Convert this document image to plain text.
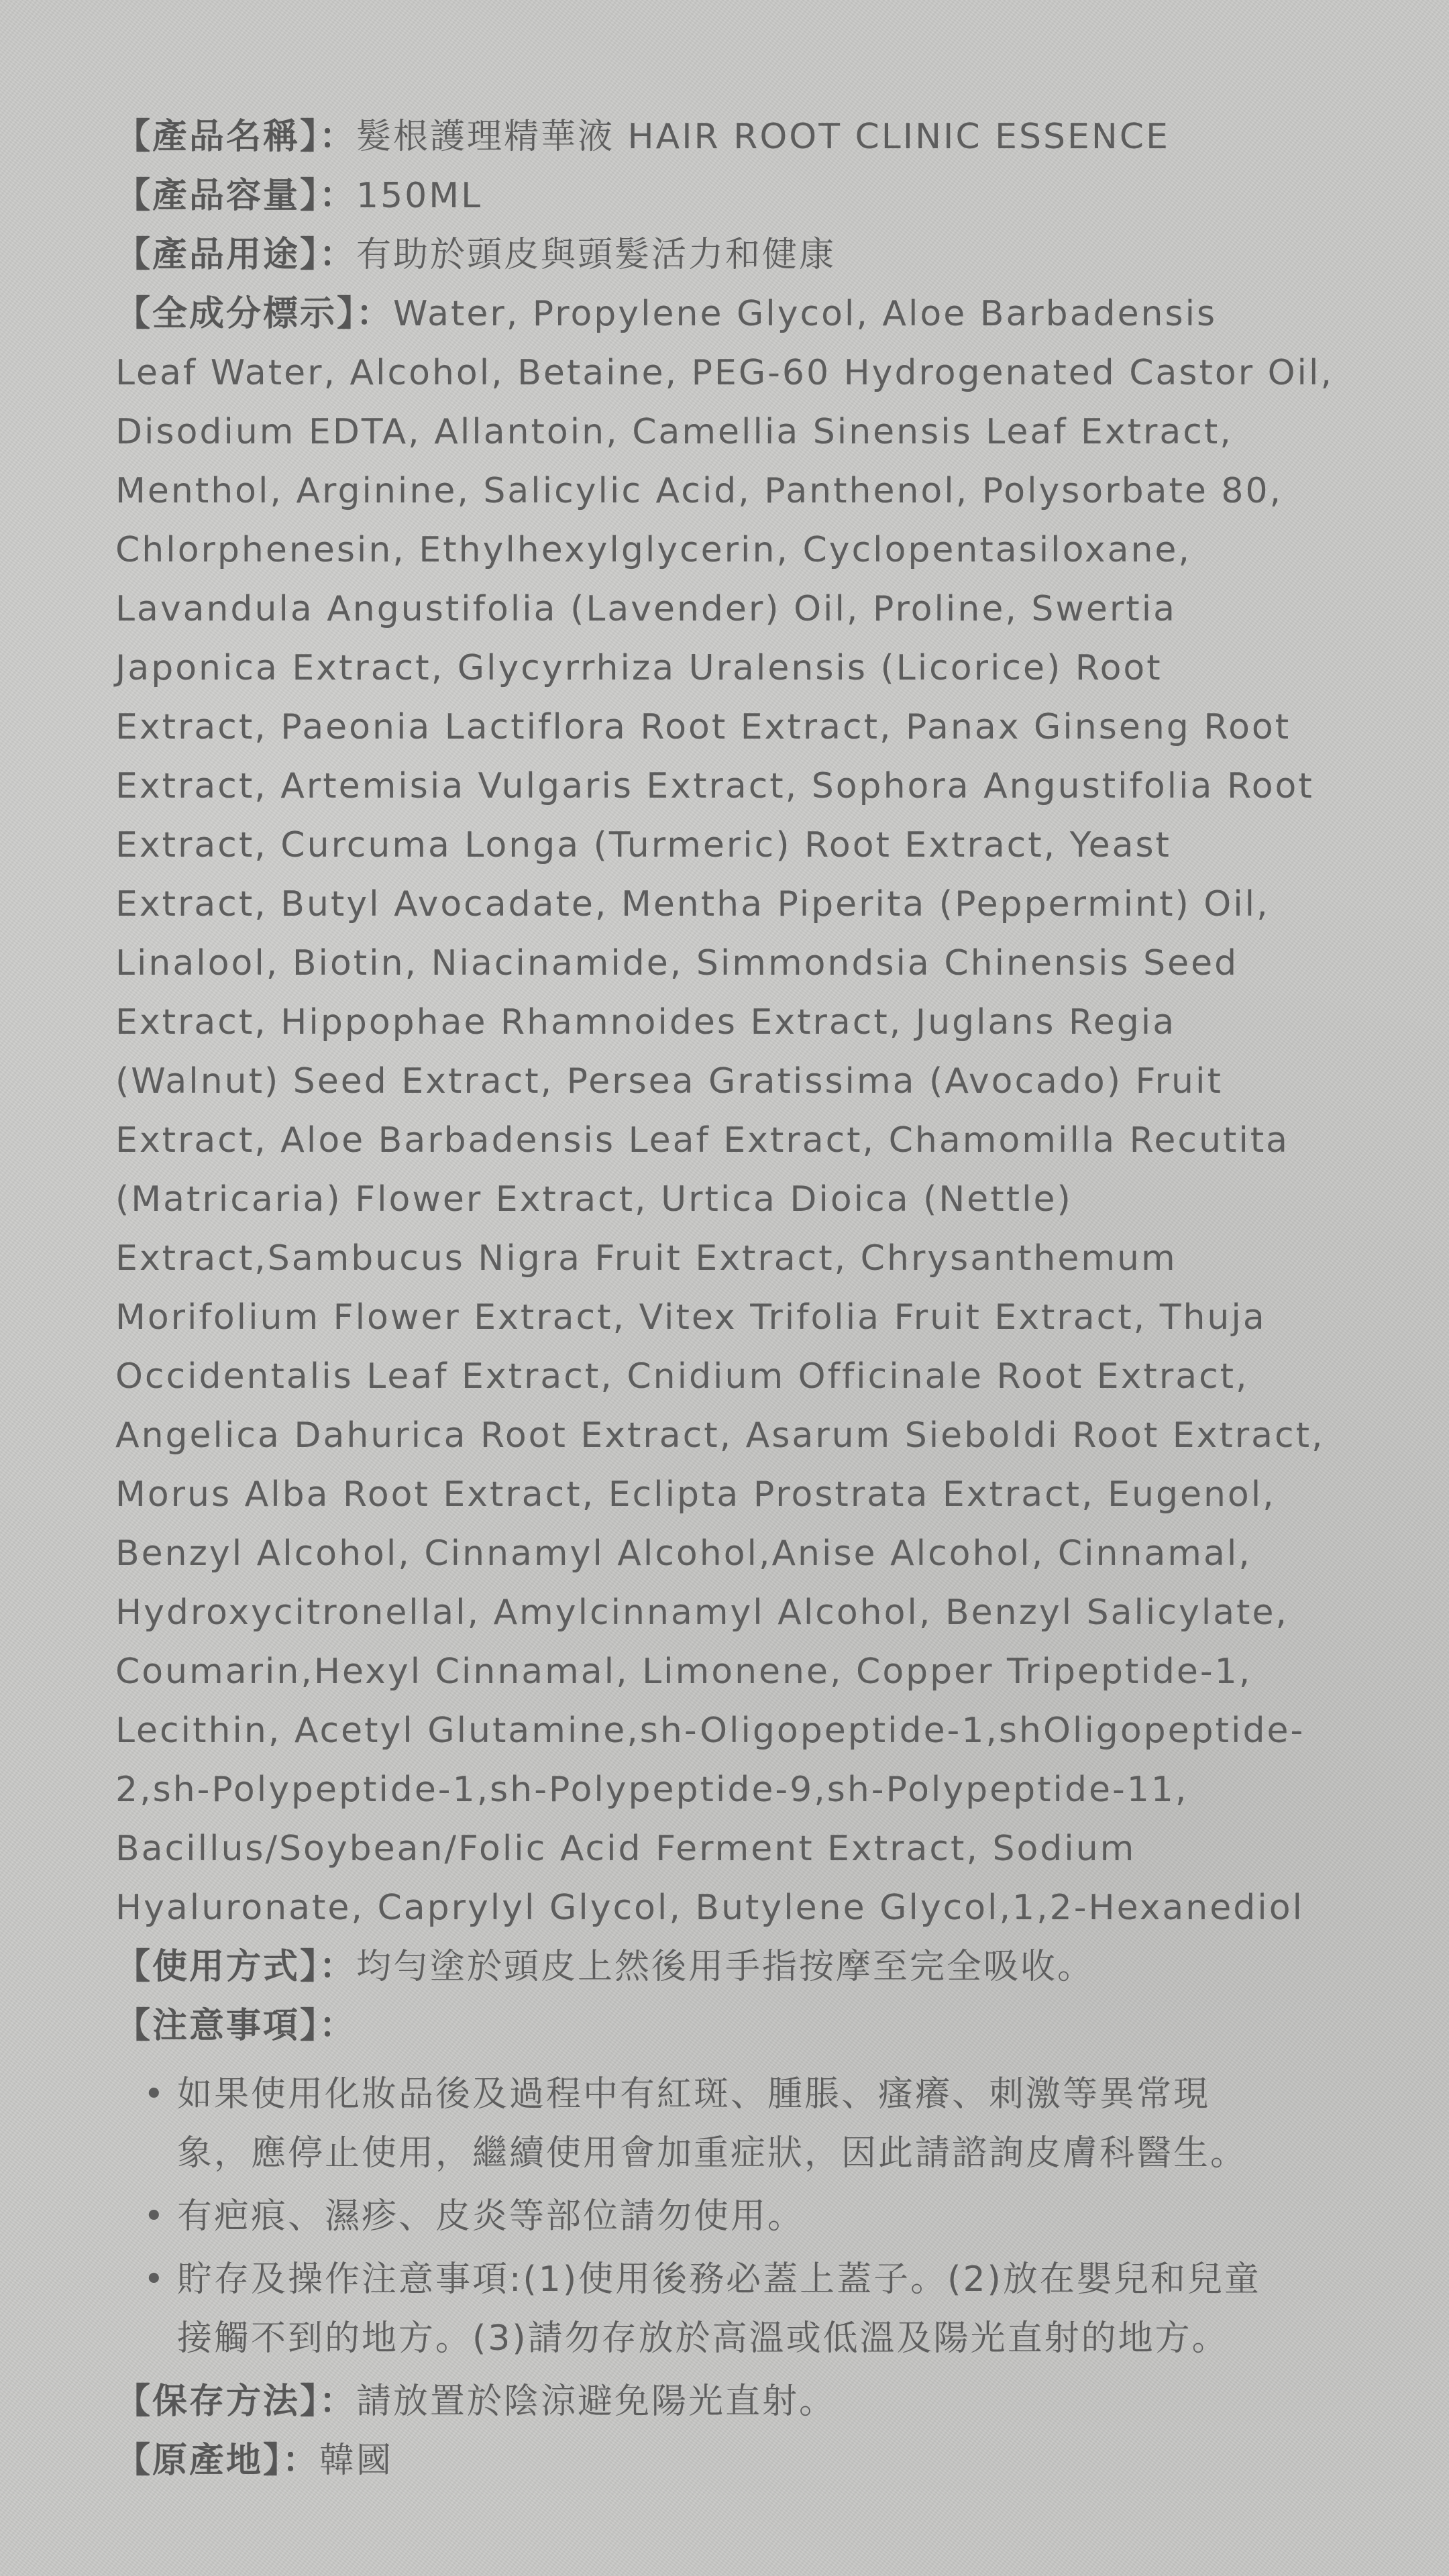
【產品名稱】：髮根護理精華液 HAIR ROOT CLINIC ESSENCE

【產品容量】：150ML

【產品用途】：有助於頭皮與頭髮活力和健康

【全成分標示】：Water, Propylene Glycol, Aloe Barbadensis

Leaf Water, Alcohol, Betaine, PEG-60 Hydrogenated Castor Oil,

Disodium EDTA, Allantoin, Camellia Sinensis Leaf Extract,

Menthol, Arginine, Salicylic Acid, Panthenol, Polysorbate 80,

Chlorphenesin, Ethylhexylglycerin, Cyclopentasiloxane,

Lavandula Angustifolia (Lavender) Oil, Proline, Swertia

Japonica Extract, Glycyrrhiza Uralensis (Licorice) Root

Extract, Paeonia Lactiflora Root Extract, Panax Ginseng Root

Extract, Artemisia Vulgaris Extract, Sophora Angustifolia Root

Extract, Curcuma Longa (Turmeric) Root Extract, Yeast

Extract, Butyl Avocadate, Mentha Piperita (Peppermint) Oil,

Linalool, Biotin, Niacinamide, Simmondsia Chinensis Seed

Extract, Hippophae Rhamnoides Extract, Juglans Regia

(Walnut) Seed Extract, Persea Gratissima (Avocado) Fruit

Extract, Aloe Barbadensis Leaf Extract, Chamomilla Recutita

(Matricaria) Flower Extract, Urtica Dioica (Nettle)

Extract,Sambucus Nigra Fruit Extract, Chrysanthemum

Morifolium Flower Extract, Vitex Trifolia Fruit Extract, Thuja

Occidentalis Leaf Extract, Cnidium Officinale Root Extract,

Angelica Dahurica Root Extract, Asarum Sieboldi Root Extract,

Morus Alba Root Extract, Eclipta Prostrata Extract, Eugenol,

Benzyl Alcohol, Cinnamyl Alcohol,Anise Alcohol, Cinnamal,

Hydroxycitronellal, Amylcinnamyl Alcohol, Benzyl Salicylate,

Coumarin,Hexyl Cinnamal, Limonene, Copper Tripeptide-1,

Lecithin, Acetyl Glutamine,sh-Oligopeptide-1,shOligopeptide-

2,sh-Polypeptide-1,sh-Polypeptide-9,sh-Polypeptide-11,

Bacillus/Soybean/Folic Acid Ferment Extract, Sodium

Hyaluronate, Caprylyl Glycol, Butylene Glycol,1,2-Hexanediol

【使用方式】：均勻塗於頭皮上然後用手指按摩至完全吸收。

【注意事項】：

• 如果使用化妝品後及過程中有紅斑、腫脹、瘙癢、刺激等異常現
象，應停止使用，繼續使用會加重症狀，因此請諮詢皮膚科醫生。
• 有疤痕、濕疹、皮炎等部位請勿使用。
• 貯存及操作注意事項:(1)使用後務必蓋上蓋子。(2)放在嬰兒和兒童
接觸不到的地方。(3)請勿存放於高溫或低溫及陽光直射的地方。

【保存方法】：請放置於陰涼避免陽光直射。

【原產地】：韓國
